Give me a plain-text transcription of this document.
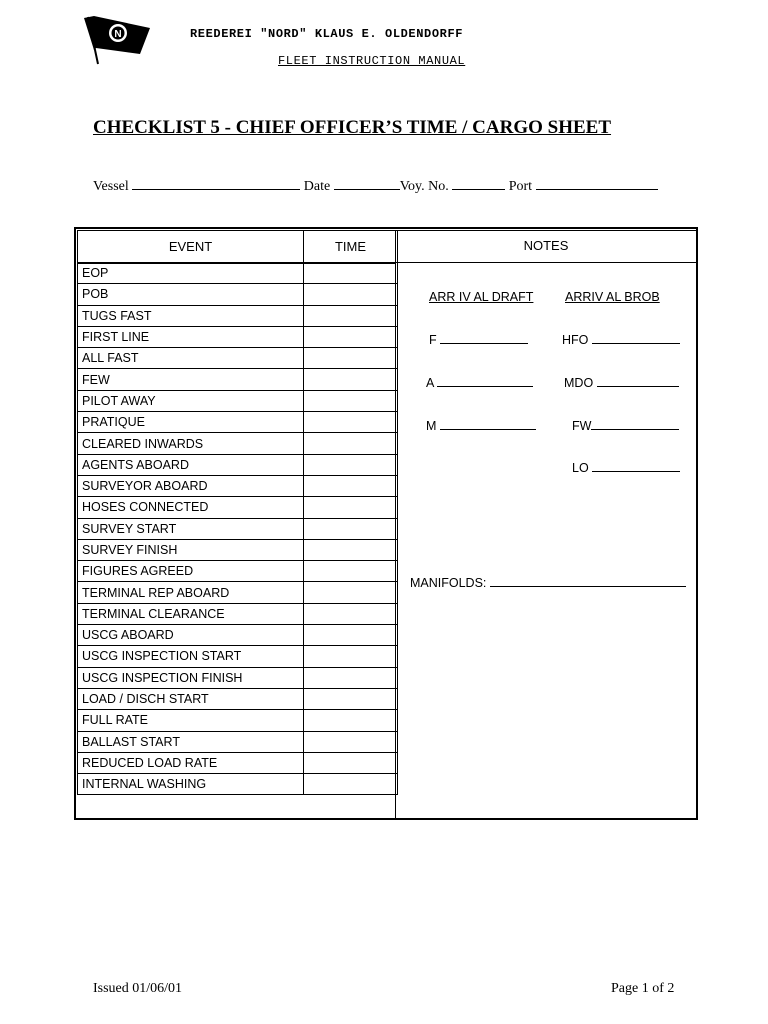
N	REEDEREI "NORD" KLAUS E. OLDENDORFF
FLEET INSTRUCTION MANUAL
CHECKLIST 5 - CHIEF OFFICER’S TIME / CARGO SHEET
Vessel	Date	Voy. No.	Port
EVENT	TIME
EOP	
POB	
TUGS FAST	
FIRST LINE	
ALL FAST	
FEW	
PILOT AWAY	
PRATIQUE	
CLEARED INWARDS	
AGENTS ABOARD	
SURVEYOR ABOARD	
HOSES CONNECTED	
SURVEY START	
SURVEY FINISH	
FIGURES AGREED	
TERMINAL REP ABOARD	
TERMINAL CLEARANCE	
USCG ABOARD	
USCG INSPECTION START	
USCG INSPECTION FINISH	
LOAD / DISCH START	
FULL RATE	
BALLAST START	
REDUCED LOAD RATE	
INTERNAL WASHING	
NOTES
ARR IV AL DRAFT	ARRIV AL BROB
F	HFO
A	MDO
M	FW
LO
MANIFOLDS:
Issued 01/06/01	Page 1 of 2
